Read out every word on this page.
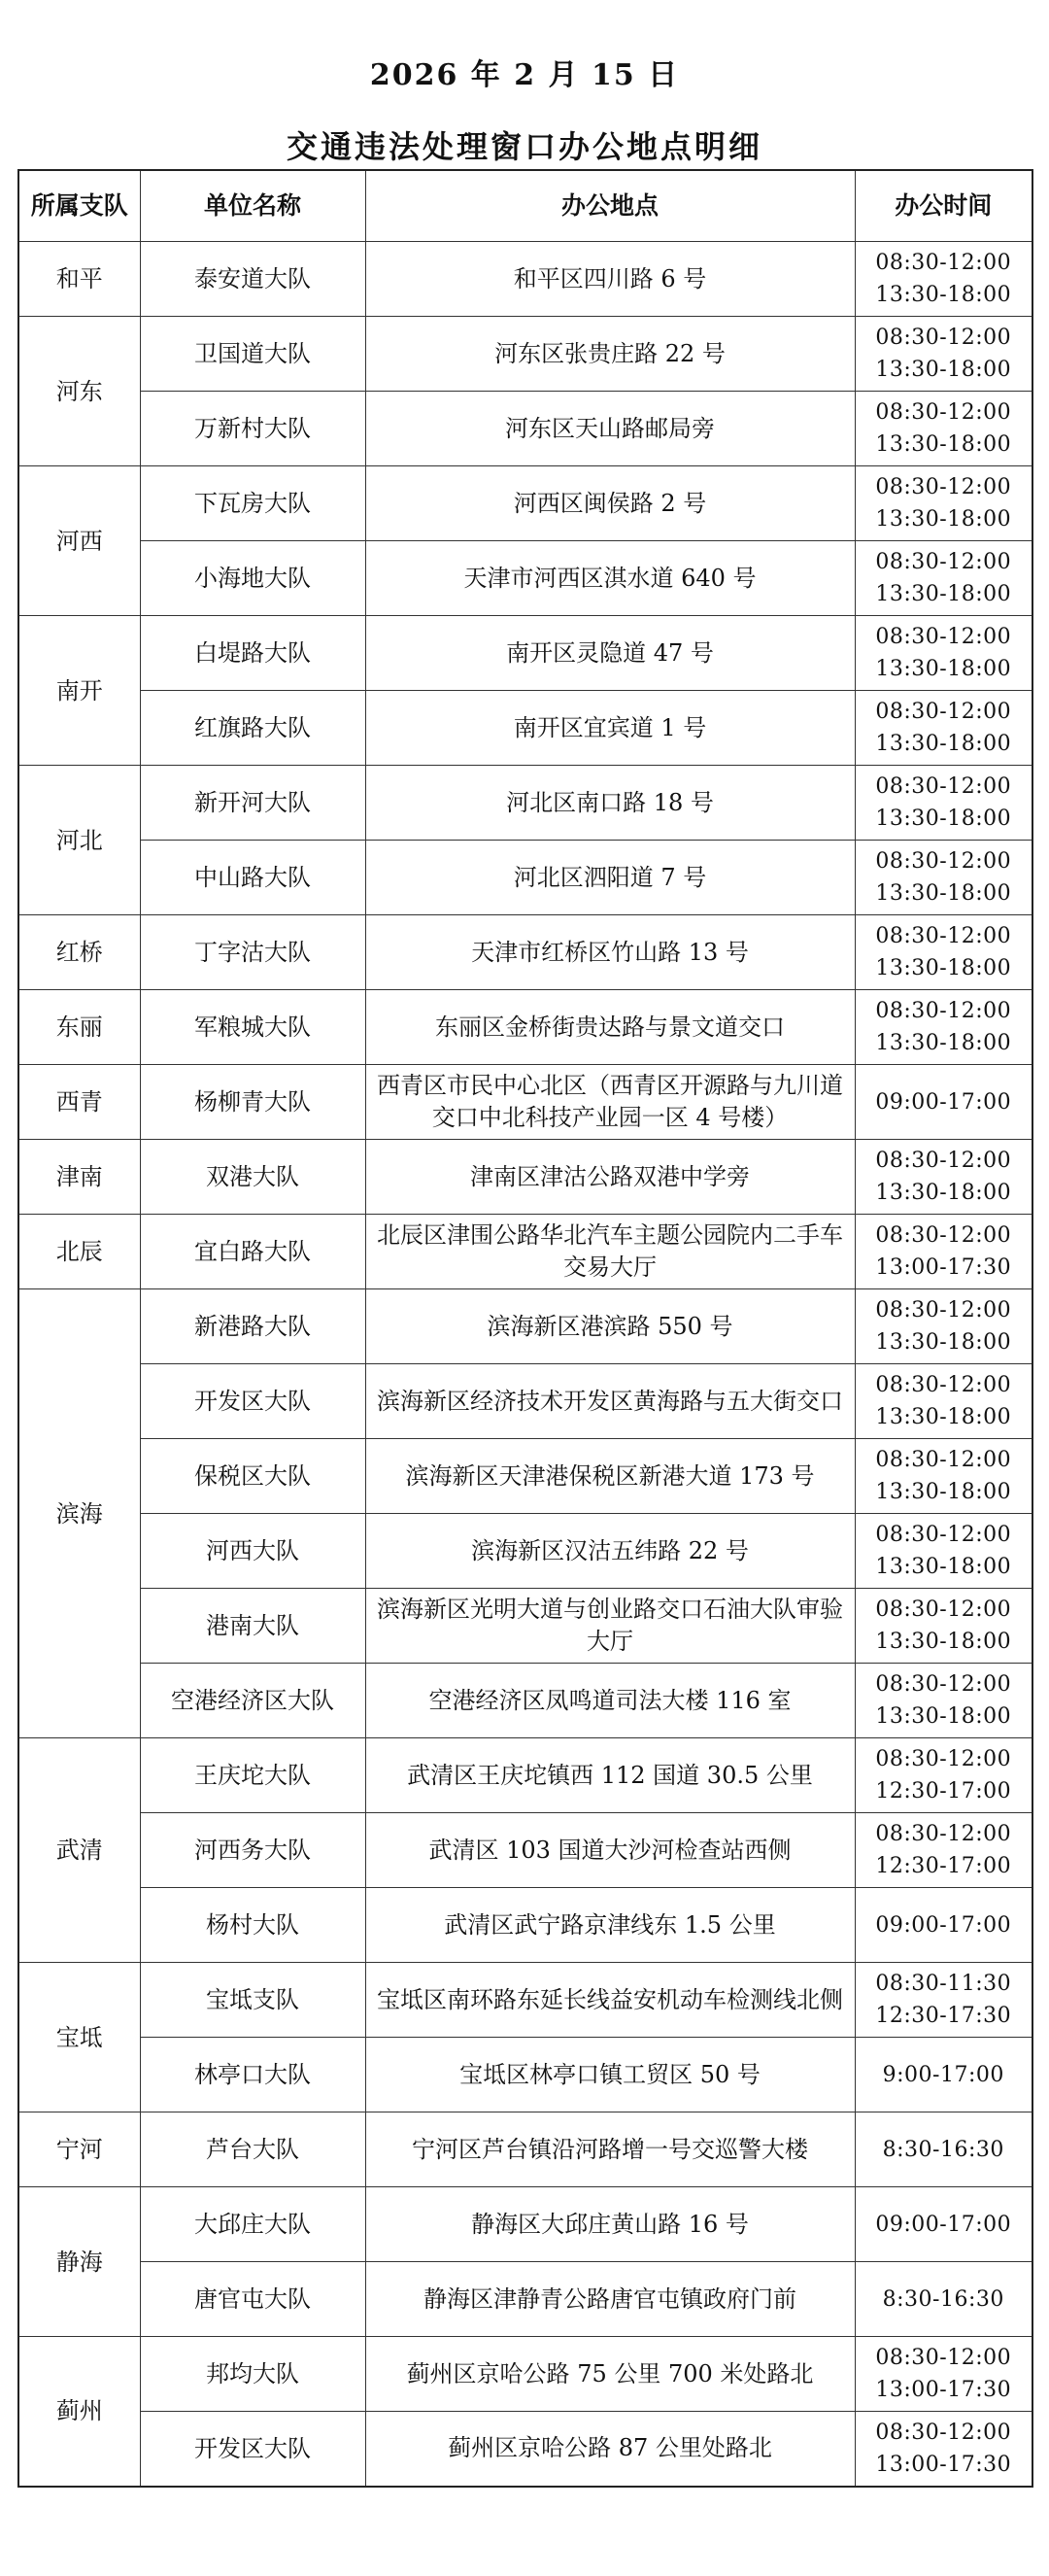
2026 年 2 月 15 日
交通违法处理窗口办公地点明细
所属支队	单位名称	办公地点	办公时间
和平	泰安道大队	和平区四川路 6 号	08:30-12:00
13:30-18:00

河东	卫国道大队	河东区张贵庄路 22 号	08:30-12:00
13:30-18:00

	万新村大队	河东区天山路邮局旁	08:30-12:00
13:30-18:00

河西	下瓦房大队	河西区闽侯路 2 号	08:30-12:00
13:30-18:00

	小海地大队	天津市河西区淇水道 640 号	08:30-12:00
13:30-18:00

南开	白堤路大队	南开区灵隐道 47 号	08:30-12:00
13:30-18:00

	红旗路大队	南开区宜宾道 1 号	08:30-12:00
13:30-18:00

河北	新开河大队	河北区南口路 18 号	08:30-12:00
13:30-18:00

	中山路大队	河北区泗阳道 7 号	08:30-12:00
13:30-18:00

红桥	丁字沽大队	天津市红桥区竹山路 13 号	08:30-12:00
13:30-18:00

东丽	军粮城大队	东丽区金桥街贵达路与景文道交口	08:30-12:00
13:30-18:00

西青	杨柳青大队	西青区市民中心北区（西青区开源路与九川道交口中北科技产业园一区 4 号楼）	09:00-17:00

津南	双港大队	津南区津沽公路双港中学旁	08:30-12:00
13:30-18:00

北辰	宜白路大队	北辰区津围公路华北汽车主题公园院内二手车交易大厅	08:30-12:00
13:00-17:30

滨海	新港路大队	滨海新区港滨路 550 号	08:30-12:00
13:30-18:00

	开发区大队	滨海新区经济技术开发区黄海路与五大街交口	08:30-12:00
13:30-18:00

	保税区大队	滨海新区天津港保税区新港大道 173 号	08:30-12:00
13:30-18:00

	河西大队	滨海新区汉沽五纬路 22 号	08:30-12:00
13:30-18:00

	港南大队	滨海新区光明大道与创业路交口石油大队审验大厅	08:30-12:00
13:30-18:00

	空港经济区大队	空港经济区凤鸣道司法大楼 116 室	08:30-12:00
13:30-18:00

武清	王庆坨大队	武清区王庆坨镇西 112 国道 30.5 公里	08:30-12:00
12:30-17:00

	河西务大队	武清区 103 国道大沙河检查站西侧	08:30-12:00
12:30-17:00

	杨村大队	武清区武宁路京津线东 1.5 公里	09:00-17:00

宝坻	宝坻支队	宝坻区南环路东延长线益安机动车检测线北侧	08:30-11:30
12:30-17:30

	林亭口大队	宝坻区林亭口镇工贸区 50 号	9:00-17:00

宁河	芦台大队	宁河区芦台镇沿河路增一号交巡警大楼	8:30-16:30

静海	大邱庄大队	静海区大邱庄黄山路 16 号	09:00-17:00

	唐官屯大队	静海区津静青公路唐官屯镇政府门前	8:30-16:30

蓟州	邦均大队	蓟州区京哈公路 75 公里 700 米处路北	08:30-12:00
13:00-17:30

	开发区大队	蓟州区京哈公路 87 公里处路北	08:30-12:00
13:00-17:30
